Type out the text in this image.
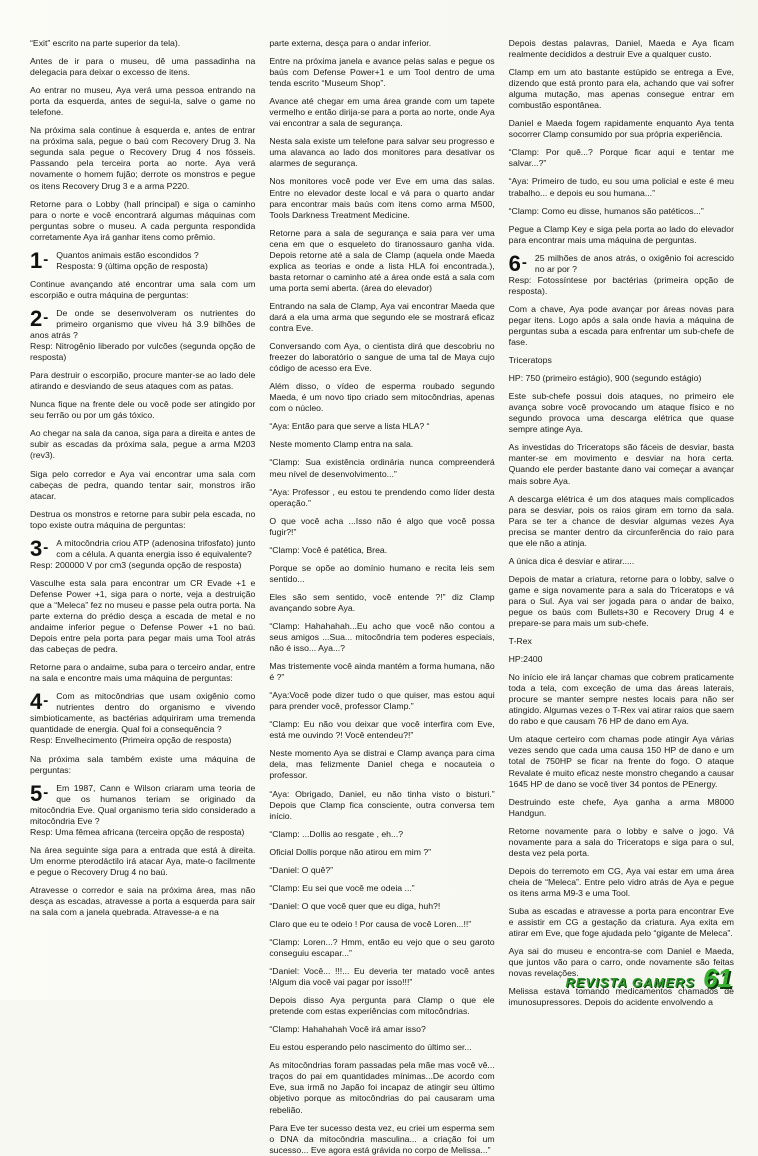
“Exit” escrito na parte superior da tela).

Antes de ir para o museu, dê uma passadinha na delegacia para deixar o excesso de itens.

Ao entrar no museu, Aya verá uma pessoa entrando na porta da esquerda, antes de segui-la, salve o game no telefone.

Na próxima sala continue à esquerda e, antes de entrar na próxima sala, pegue o baú com Recovery Drug 3. Na segunda sala pegue o Recovery Drug 4 nos fósseis. Passando pela terceira porta ao norte. Aya verá novamente o homem fujão; derrote os monstros e pegue os itens Recovery Drug 3 e a arma P220.

Retorne para o Lobby (hall principal) e siga o caminho para o norte e você encontrará algumas máquinas com perguntas sobre o museu. A cada pergunta respondida corretamente Aya irá ganhar itens como prêmio.

1 -	Quantos animais estão escondidos ?
Resposta: 9 (última opção de resposta)

Continue avançando até encontrar uma sala com um escorpião e outra máquina de perguntas:

2 -	De onde se desenvolveram os nutrientes do primeiro organismo que viveu há 3.9 bilhões de anos atrás ?
Resp: Nitrogênio liberado por vulcões (segunda opção de resposta)

Para destruir o escorpião, procure manter-se ao lado dele atirando e desviando de seus ataques com as patas.

Nunca fique na frente dele ou você pode ser atingido por seu ferrão ou por um gás tóxico.

Ao chegar na sala da canoa, siga para a direita e antes de subir as escadas da próxima sala, pegue a arma M203 (rev3).

Siga pelo corredor e Aya vai encontrar uma sala com cabeças de pedra, quando tentar sair, monstros irão atacar.

Destrua os monstros e retorne para subir pela escada, no topo existe outra máquina de perguntas:

3 -	A mitocôndria criou ATP (adenosina trifosfato) junto com a célula. A quanta energia isso é equivalente?
Resp: 200000 V por cm3 (segunda opção de resposta)

Vasculhe esta sala para encontrar um CR Evade +1 e Defense Power +1, siga para o norte, veja a destruição que a “Meleca” fez no museu e passe pela outra porta. Na parte externa do prédio desça a escada de metal e no andaime inferior pegue o Defense Power +1 no baú. Depois entre pela porta para pegar mais uma Tool atrás das cabeças de pedra.

Retorne para o andaime, suba para o terceiro andar, entre na sala e encontre mais uma máquina de perguntas:

4 -	Com as mitocôndrias que usam oxigênio como nutrientes dentro do organismo e vivendo simbioticamente, as bactérias adquiriram uma tremenda quantidade de energia. Qual foi a consequência ?
Resp: Envelhecimento (Primeira opção de resposta)

Na próxima sala também existe uma máquina de perguntas:

5 -	Em 1987, Cann e Wilson criaram uma teoria de que os humanos teriam se originado da mitocôndria Eve. Qual organismo teria sido considerado a mitocôndria Eve ?
Resp: Uma fêmea africana (terceira opção de resposta)

Na área seguinte siga para a entrada que está à direita. Um enorme pterodáctilo irá atacar Aya, mate-o facilmente e pegue o Recovery Drug 4 no baú.

Atravesse o corredor e saia na próxima área, mas não desça as escadas, atravesse a porta a esquerda para sair na sala com a janela quebrada. Atravesse-a e na

parte externa, desça para o andar inferior.

Entre na próxima janela e avance pelas salas e pegue os baús com Defense Power+1 e um Tool dentro de uma tenda escrito “Museum Shop”.

Avance até chegar em uma área grande com um tapete vermelho e então dirija-se para a porta ao norte, onde Aya vai encontrar a sala de segurança.

Nesta sala existe um telefone para salvar seu progresso e uma alavanca ao lado dos monitores para desativar os alarmes de segurança.

Nos monitores você pode ver Eve em uma das salas. Entre no elevador deste local e vá para o quarto andar para encontrar mais baús com itens como arma M500, Tools Darkness Treatment Medicine.

Retorne para a sala de segurança e saia para ver uma cena em que o esqueleto do tiranossauro ganha vida. Depois retorne até a sala de Clamp (aquela onde Maeda explica as teorias e onde a lista HLA foi encontrada.), basta retornar o caminho até a área onde está a sala com uma porta semi aberta. (área do elevador)

Entrando na sala de Clamp, Aya vai encontrar Maeda que dará a ela uma arma que segundo ele se mostrará eficaz contra Eve.

Conversando com Aya, o cientista dirá que descobriu no freezer do laboratório o sangue de uma tal de Maya cujo código de acesso era Eve.

Além disso, o vídeo de esperma roubado segundo Maeda, é um novo tipo criado sem mitocôndrias, apenas com o núcleo.

“Aya: Então para que serve a lista HLA? “

Neste momento Clamp entra na sala.

“Clamp: Sua existência ordinária nunca compreenderá meu nível de desenvolvimento...”

“Aya: Professor , eu estou te prendendo como líder desta operação.”

O que você acha ...Isso não é algo que você possa fugir?!”

“Clamp: Você é patética, Brea.

Porque se opõe ao domínio humano e recita leis sem sentido...

Eles são sem sentido, você entende ?!” diz Clamp avançando sobre Aya.

“Clamp: Hahahahah...Eu acho que você não contou a seus amigos ...Sua... mitocôndria tem poderes especiais, não é isso... Aya...?

Mas tristemente você ainda mantém a forma humana, não é ?”

“Aya:Você pode dizer tudo o que quiser, mas estou aqui para prender você, professor Clamp.”

“Clamp: Eu não vou deixar que você interfira com Eve, está me ouvindo ?! Você entendeu?!”

Neste momento Aya se distrai e Clamp avança para cima dela, mas felizmente Daniel chega e nocauteia o professor.

“Aya: Obrigado, Daniel, eu não tinha visto o bisturi.” Depois que Clamp fica consciente, outra conversa tem início.

“Clamp: ...Dollis ao resgate , eh...?

Oficial Dollis porque não atirou em mim ?”

“Daniel: O quê?”

“Clamp: Eu sei que você me odeia ...”

“Daniel: O que você quer que eu diga, huh?!

Claro que eu te odeio ! Por causa de você Loren...!!”

“Clamp: Loren...? Hmm, então eu vejo que o seu garoto conseguiu escapar...”

“Daniel: Você... !!!... Eu deveria ter matado você antes !Algum dia você vai pagar por isso!!!”

Depois disso Aya pergunta para Clamp o que ele pretende com estas experiências com mitocôndrias.

“Clamp: Hahahahah Você irá amar isso?

Eu estou esperando pelo nascimento do último ser...

As mitocôndrias foram passadas pela mãe mas você vê... traços do pai em quantidades mínimas...De acordo com Eve, sua irmã no Japão foi incapaz de atingir seu último objetivo porque as mitocôndrias do pai causaram uma rebelião.

Para Eve ter sucesso desta vez, eu criei um esperma sem o DNA da mitocôndria masculina... a criação foi um sucesso... Eve agora está grávida no corpo de Melissa...”

Depois destas palavras, Daniel, Maeda e Aya ficam realmente decididos a destruir Eve a qualquer custo.

Clamp em um ato bastante estúpido se entrega a Eve, dizendo que está pronto para ela, achando que vai sofrer alguma mutação, mas apenas consegue entrar em combustão espontânea.

Daniel e Maeda fogem rapidamente enquanto Aya tenta socorrer Clamp consumido por sua própria experiência.

“Clamp: Por quê...? Porque ficar aqui e tentar me salvar...?”

“Aya: Primeiro de tudo, eu sou uma policial e este é meu trabalho... e depois eu sou humana...”

“Clamp: Como eu disse, humanos são patéticos...”

Pegue a Clamp Key e siga pela porta ao lado do elevador para encontrar mais uma máquina de perguntas.

6 -	25 milhões de anos atrás, o oxigênio foi acrescido no ar por ?
Resp: Fotossíntese por bactérias (primeira opção de resposta).

Com a chave, Aya pode avançar por áreas novas para pegar itens. Logo após a sala onde havia a máquina de perguntas suba a escada para enfrentar um sub-chefe de fase.

Triceratops

HP: 750 (primeiro estágio), 900 (segundo estágio)

Este sub-chefe possui dois ataques, no primeiro ele avança sobre você provocando um ataque físico e no segundo provoca uma descarga elétrica que quase sempre atinge Aya.

As investidas do Triceratops são fáceis de desviar, basta manter-se em movimento e desviar na hora certa. Quando ele perder bastante dano vai começar a avançar mais sobre Aya.

A descarga elétrica é um dos ataques mais complicados para se desviar, pois os raios giram em torno da sala. Para se ter a chance de desviar algumas vezes Aya precisa se manter dentro da circunferência do raio para que ele não a atinja.

A única dica é desviar e atirar.....

Depois de matar a criatura, retorne para o lobby, salve o game e siga novamente para a sala do Triceratops e vá para o Sul. Aya vai ser jogada para o andar de baixo, pegue os baús com Bullets+30 e Recovery Drug 4 e prepare-se para mais um sub-chefe.

T-Rex

HP:2400

No início ele irá lançar chamas que cobrem praticamente toda a tela, com exceção de uma das áreas laterais, procure se manter sempre nestes locais para não ser atingido. Algumas vezes o T-Rex vai atirar raios que saem do rabo e que causam 76 HP de dano em Aya.

Um ataque certeiro com chamas pode atingir Aya várias vezes sendo que cada uma causa 150 HP de dano e um total de 750HP se ficar na frente do fogo. O ataque Revalate é muito eficaz neste monstro chegando a causar 1645 HP de dano se você tiver 34 pontos de PEnergy.

Destruindo este chefe, Aya ganha a arma M8000 Handgun.

Retorne novamente para o lobby e salve o jogo. Vá novamente para a sala do Triceratops e siga para o sul, desta vez pela porta.

Depois do terremoto em CG, Aya vai estar em uma área cheia de “Meleca”. Entre pelo vidro atrás de Aya e pegue os itens arma M9-3 e uma Tool.

Suba as escadas e atravesse a porta para encontrar Eve e assistir em CG a gestação da criatura. Aya exita em atirar em Eve, que foge ajudada pelo “gigante de Meleca”.

Aya sai do museu e encontra-se com Daniel e Maeda, que juntos vão para o carro, onde novamente são feitas novas revelações.

Melissa estava tomando medicamentos chamados de imunosupressores. Depois do acidente envolvendo a

REVISTA GAMERS 61
